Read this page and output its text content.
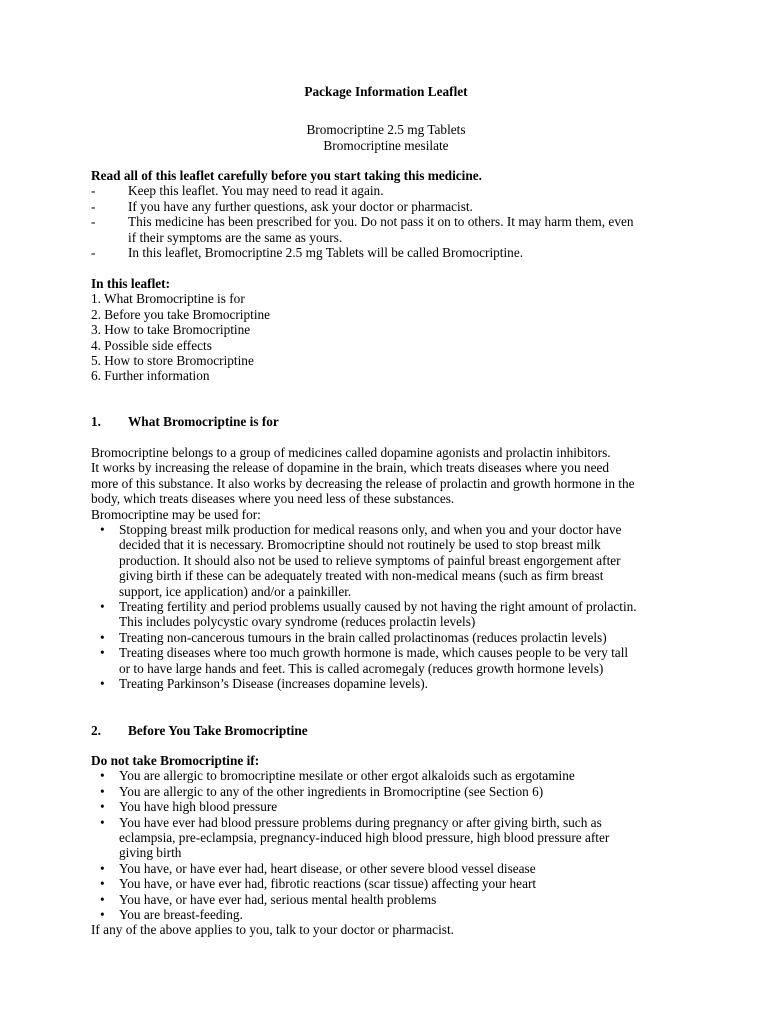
Package Information Leaflet
Bromocriptine 2.5 mg Tablets
Bromocriptine mesilate
Read all of this leaflet carefully before you start taking this medicine.
- Keep this leaflet. You may need to read it again.
- If you have any further questions, ask your doctor or pharmacist.
- This medicine has been prescribed for you. Do not pass it on to others. It may harm them, even
if their symptoms are the same as yours.
- In this leaflet, Bromocriptine 2.5 mg Tablets will be called Bromocriptine.
In this leaflet:
1. What Bromocriptine is for
2. Before you take Bromocriptine
3. How to take Bromocriptine
4. Possible side effects
5. How to store Bromocriptine
6. Further information
1. What Bromocriptine is for
Bromocriptine belongs to a group of medicines called dopamine agonists and prolactin inhibitors.
It works by increasing the release of dopamine in the brain, which treats diseases where you need
more of this substance. It also works by decreasing the release of prolactin and growth hormone in the
body, which treats diseases where you need less of these substances.
Bromocriptine may be used for:
• Stopping breast milk production for medical reasons only, and when you and your doctor have
decided that it is necessary. Bromocriptine should not routinely be used to stop breast milk
production. It should also not be used to relieve symptoms of painful breast engorgement after
giving birth if these can be adequately treated with non-medical means (such as firm breast
support, ice application) and/or a painkiller.
• Treating fertility and period problems usually caused by not having the right amount of prolactin.
This includes polycystic ovary syndrome (reduces prolactin levels)
• Treating non-cancerous tumours in the brain called prolactinomas (reduces prolactin levels)
• Treating diseases where too much growth hormone is made, which causes people to be very tall
or to have large hands and feet. This is called acromegaly (reduces growth hormone levels)
• Treating Parkinson’s Disease (increases dopamine levels).
2. Before You Take Bromocriptine
Do not take Bromocriptine if:
• You are allergic to bromocriptine mesilate or other ergot alkaloids such as ergotamine
• You are allergic to any of the other ingredients in Bromocriptine (see Section 6)
• You have high blood pressure
• You have ever had blood pressure problems during pregnancy or after giving birth, such as
eclampsia, pre-eclampsia, pregnancy-induced high blood pressure, high blood pressure after
giving birth
• You have, or have ever had, heart disease, or other severe blood vessel disease
• You have, or have ever had, fibrotic reactions (scar tissue) affecting your heart
• You have, or have ever had, serious mental health problems
• You are breast-feeding.
If any of the above applies to you, talk to your doctor or pharmacist.
